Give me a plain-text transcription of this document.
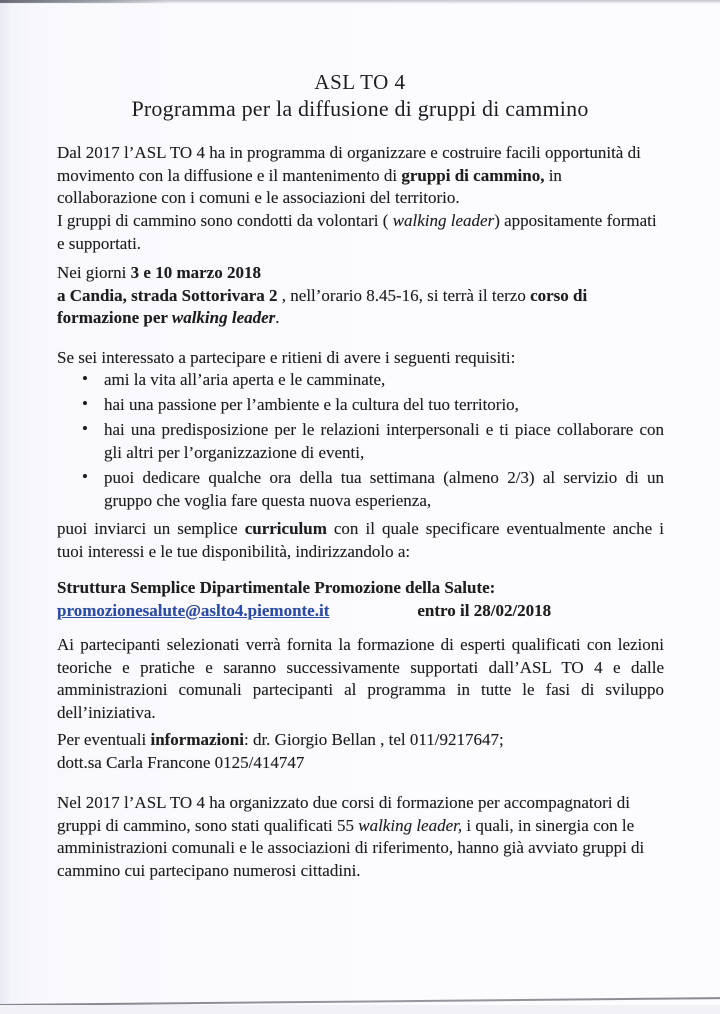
ASL TO 4
Programma per la diffusione di gruppi di cammino

Dal 2017 l’ASL TO 4 ha in programma di organizzare e costruire facili opportunità di movimento con la diffusione e il mantenimento di gruppi di cammino, in collaborazione con i comuni e le associazioni del territorio.
I gruppi di cammino sono condotti da volontari ( walking leader) appositamente formati e supportati.

Nei giorni 3 e 10 marzo 2018
a Candia, strada Sottorivara 2 , nell’orario 8.45-16, si terrà il terzo corso di formazione per walking leader.

Se sei interessato a partecipare e ritieni di avere i seguenti requisiti:

• ami la vita all’aria aperta e le camminate,
• hai una passione per l’ambiente e la cultura del tuo territorio,
• hai una predisposizione per le relazioni interpersonali e ti piace collaborare con gli altri per l’organizzazione di eventi,
• puoi dedicare qualche ora della tua settimana (almeno 2/3) al servizio di un gruppo che voglia fare questa nuova esperienza,

puoi inviarci un semplice curriculum con il quale specificare eventualmente anche i tuoi interessi e le tue disponibilità, indirizzandolo a:

Struttura Semplice Dipartimentale Promozione della Salute:
promozionesalute@aslto4.piemonte.it	entro il 28/02/2018

Ai partecipanti selezionati verrà fornita la formazione di esperti qualificati con lezioni teoriche e pratiche e saranno successivamente supportati dall’ASL TO 4 e dalle amministrazioni comunali partecipanti al programma in tutte le fasi di sviluppo dell’iniziativa.

Per eventuali informazioni: dr. Giorgio Bellan , tel 011/9217647;
dott.sa Carla Francone 0125/414747

Nel 2017 l’ASL TO 4 ha organizzato due corsi di formazione per accompagnatori di gruppi di cammino, sono stati qualificati 55 walking leader, i quali, in sinergia con le amministrazioni comunali e le associazioni di riferimento, hanno già avviato gruppi di cammino cui partecipano numerosi cittadini.
